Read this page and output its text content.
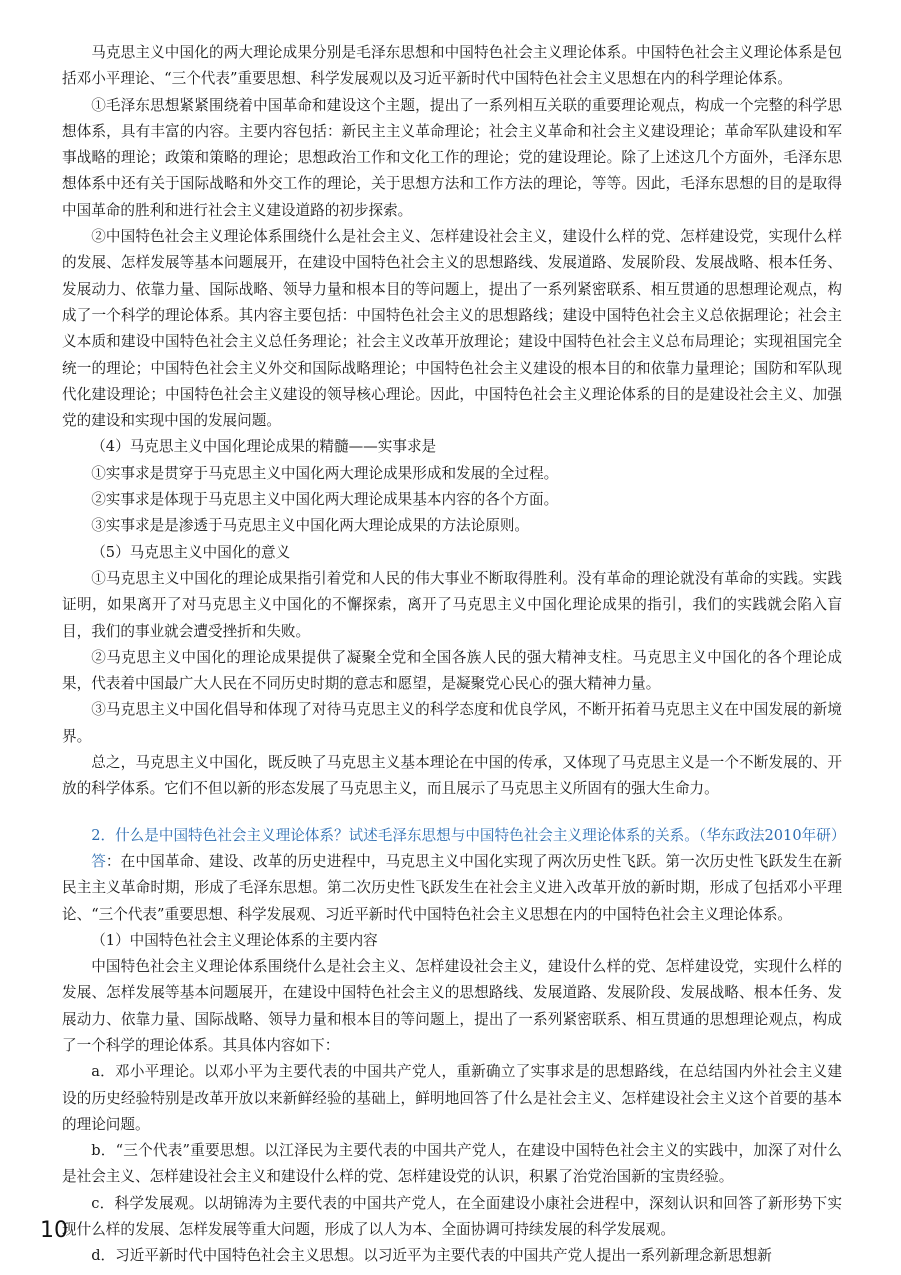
马克思主义中国化的两大理论成果分别是毛泽东思想和中国特色社会主义理论体系。中国特色社会主义理论体系是包括邓小平理论、“三个代表”重要思想、科学发展观以及习近平新时代中国特色社会主义思想在内的科学理论体系。

①毛泽东思想紧紧围绕着中国革命和建设这个主题，提出了一系列相互关联的重要理论观点，构成一个完整的科学思想体系，具有丰富的内容。主要内容包括：新民主主义革命理论；社会主义革命和社会主义建设理论；革命军队建设和军事战略的理论；政策和策略的理论；思想政治工作和文化工作的理论；党的建设理论。除了上述这几个方面外，毛泽东思想体系中还有关于国际战略和外交工作的理论，关于思想方法和工作方法的理论，等等。因此，毛泽东思想的目的是取得中国革命的胜利和进行社会主义建设道路的初步探索。

②中国特色社会主义理论体系围绕什么是社会主义、怎样建设社会主义，建设什么样的党、怎样建设党，实现什么样的发展、怎样发展等基本问题展开，在建设中国特色社会主义的思想路线、发展道路、发展阶段、发展战略、根本任务、发展动力、依靠力量、国际战略、领导力量和根本目的等问题上，提出了一系列紧密联系、相互贯通的思想理论观点，构成了一个科学的理论体系。其内容主要包括：中国特色社会主义的思想路线；建设中国特色社会主义总依据理论；社会主义本质和建设中国特色社会主义总任务理论；社会主义改革开放理论；建设中国特色社会主义总布局理论；实现祖国完全统一的理论；中国特色社会主义外交和国际战略理论；中国特色社会主义建设的根本目的和依靠力量理论；国防和军队现代化建设理论；中国特色社会主义建设的领导核心理论。因此，中国特色社会主义理论体系的目的是建设社会主义、加强党的建设和实现中国的发展问题。

（4）马克思主义中国化理论成果的精髓——实事求是

①实事求是贯穿于马克思主义中国化两大理论成果形成和发展的全过程。

②实事求是体现于马克思主义中国化两大理论成果基本内容的各个方面。

③实事求是是渗透于马克思主义中国化两大理论成果的方法论原则。

（5）马克思主义中国化的意义

①马克思主义中国化的理论成果指引着党和人民的伟大事业不断取得胜利。没有革命的理论就没有革命的实践。实践证明，如果离开了对马克思主义中国化的不懈探索，离开了马克思主义中国化理论成果的指引，我们的实践就会陷入盲目，我们的事业就会遭受挫折和失败。

②马克思主义中国化的理论成果提供了凝聚全党和全国各族人民的强大精神支柱。马克思主义中国化的各个理论成果，代表着中国最广大人民在不同历史时期的意志和愿望，是凝聚党心民心的强大精神力量。

③马克思主义中国化倡导和体现了对待马克思主义的科学态度和优良学风，不断开拓着马克思主义在中国发展的新境界。

总之，马克思主义中国化，既反映了马克思主义基本理论在中国的传承，又体现了马克思主义是一个不断发展的、开放的科学体系。它们不但以新的形态发展了马克思主义，而且展示了马克思主义所固有的强大生命力。

2．什么是中国特色社会主义理论体系？试述毛泽东思想与中国特色社会主义理论体系的关系。（华东政法2010年研）

答：在中国革命、建设、改革的历史进程中，马克思主义中国化实现了两次历史性飞跃。第一次历史性飞跃发生在新民主主义革命时期，形成了毛泽东思想。第二次历史性飞跃发生在社会主义进入改革开放的新时期，形成了包括邓小平理论、“三个代表”重要思想、科学发展观、习近平新时代中国特色社会主义思想在内的中国特色社会主义理论体系。

（1）中国特色社会主义理论体系的主要内容

中国特色社会主义理论体系围绕什么是社会主义、怎样建设社会主义，建设什么样的党、怎样建设党，实现什么样的发展、怎样发展等基本问题展开，在建设中国特色社会主义的思想路线、发展道路、发展阶段、发展战略、根本任务、发展动力、依靠力量、国际战略、领导力量和根本目的等问题上，提出了一系列紧密联系、相互贯通的思想理论观点，构成了一个科学的理论体系。其具体内容如下：

a．邓小平理论。以邓小平为主要代表的中国共产党人，重新确立了实事求是的思想路线，在总结国内外社会主义建设的历史经验特别是改革开放以来新鲜经验的基础上，鲜明地回答了什么是社会主义、怎样建设社会主义这个首要的基本的理论问题。

b．“三个代表”重要思想。以江泽民为主要代表的中国共产党人，在建设中国特色社会主义的实践中，加深了对什么是社会主义、怎样建设社会主义和建设什么样的党、怎样建设党的认识，积累了治党治国新的宝贵经验。

c．科学发展观。以胡锦涛为主要代表的中国共产党人，在全面建设小康社会进程中，深刻认识和回答了新形势下实现什么样的发展、怎样发展等重大问题，形成了以人为本、全面协调可持续发展的科学发展观。

d．习近平新时代中国特色社会主义思想。以习近平为主要代表的中国共产党人提出一系列新理念新思想新

10
